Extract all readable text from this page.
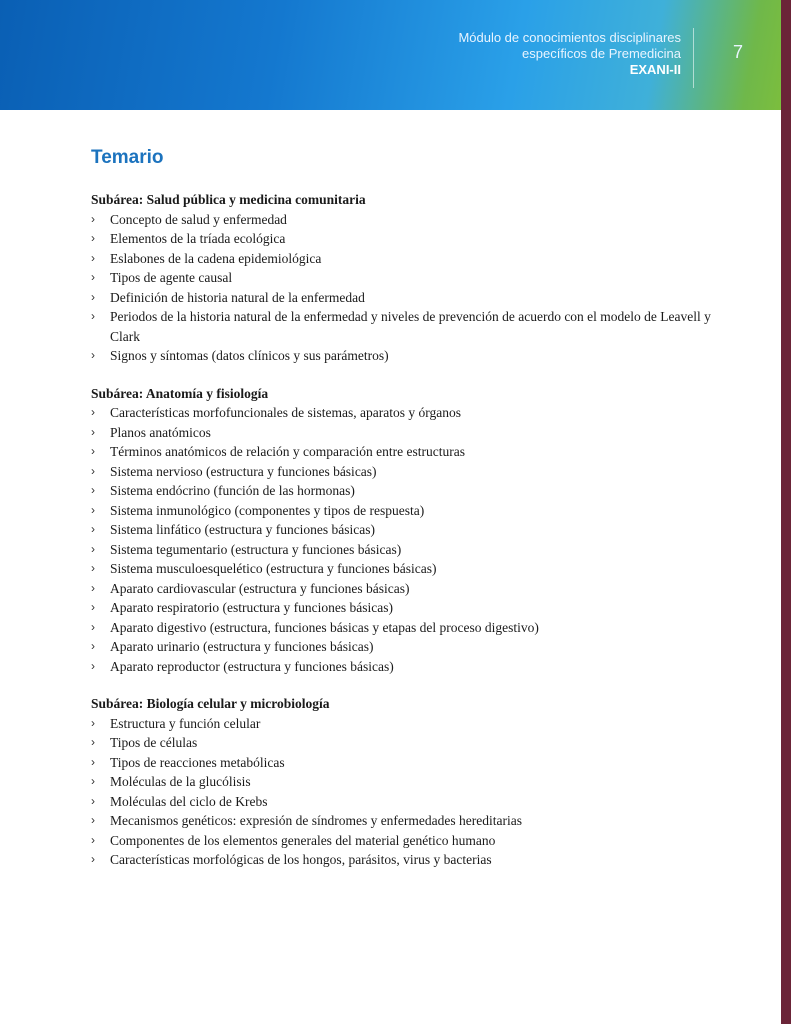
Módulo de conocimientos disciplinares
específicos de Premedicina
EXANI-II
7
Temario
Subárea: Salud pública y medicina comunitaria
› Concepto de salud y enfermedad
› Elementos de la tríada ecológica
› Eslabones de la cadena epidemiológica
› Tipos de agente causal
› Definición de historia natural de la enfermedad
› Periodos de la historia natural de la enfermedad y niveles de prevención de acuerdo con el modelo de Leavell y Clark
› Signos y síntomas (datos clínicos y sus parámetros)
Subárea: Anatomía y fisiología
› Características morfofuncionales de sistemas, aparatos y órganos
› Planos anatómicos
› Términos anatómicos de relación y comparación entre estructuras
› Sistema nervioso (estructura y funciones básicas)
› Sistema endócrino (función de las hormonas)
› Sistema inmunológico (componentes y tipos de respuesta)
› Sistema linfático (estructura y funciones básicas)
› Sistema tegumentario (estructura y funciones básicas)
› Sistema musculoesquelético (estructura y funciones básicas)
› Aparato cardiovascular (estructura y funciones básicas)
› Aparato respiratorio (estructura y funciones básicas)
› Aparato digestivo (estructura, funciones básicas y etapas del proceso digestivo)
› Aparato urinario (estructura y funciones básicas)
› Aparato reproductor (estructura y funciones básicas)
Subárea: Biología celular y microbiología
› Estructura y función celular
› Tipos de células
› Tipos de reacciones metabólicas
› Moléculas de la glucólisis
› Moléculas del ciclo de Krebs
› Mecanismos genéticos: expresión de síndromes y enfermedades hereditarias
› Componentes de los elementos generales del material genético humano
› Características morfológicas de los hongos, parásitos, virus y bacterias
